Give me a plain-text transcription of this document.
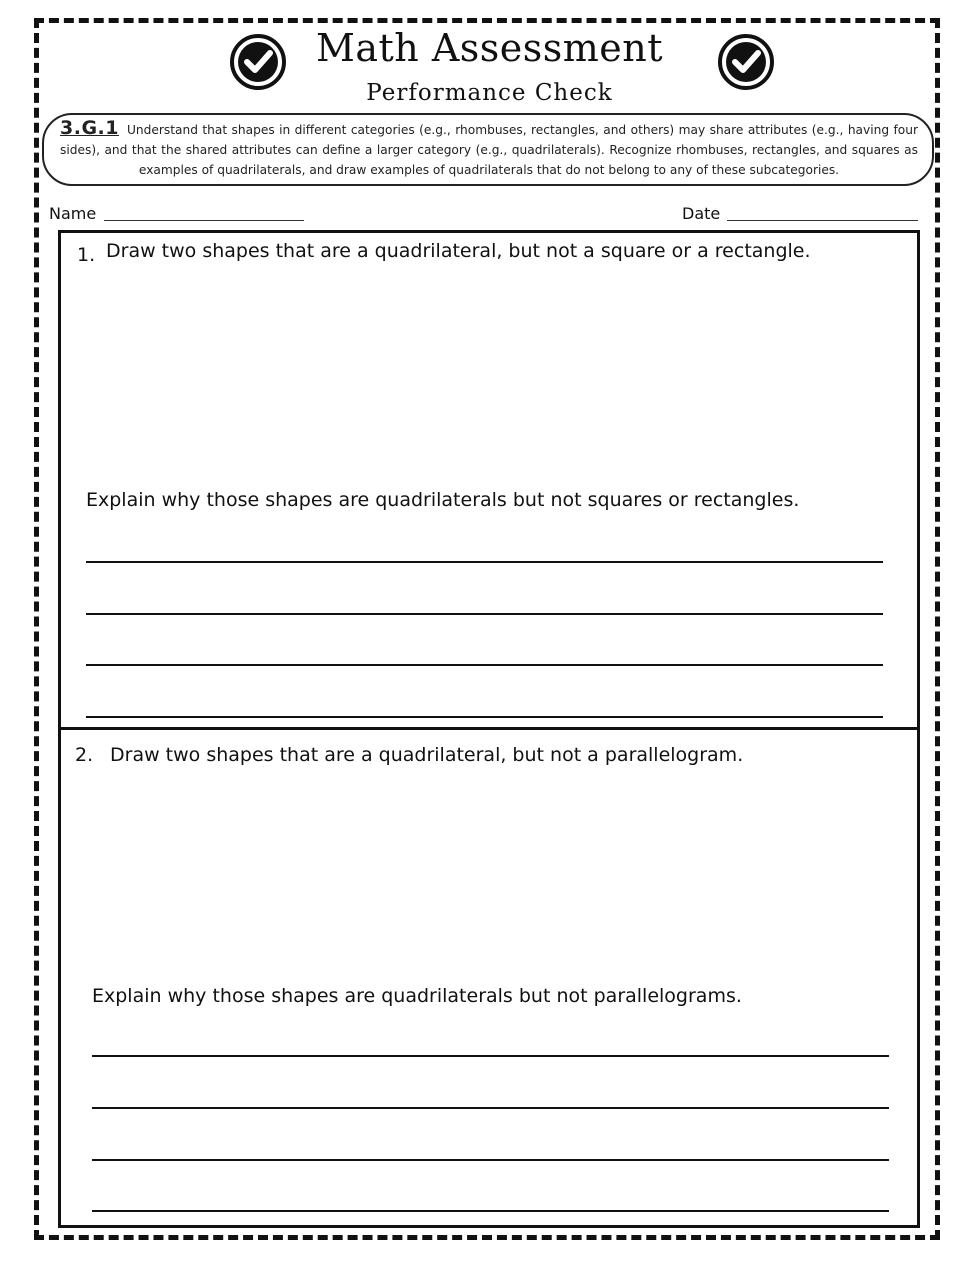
Math Assessment
Performance Check
3.G.1 Understand that shapes in different categories (e.g., rhombuses, rectangles, and others) may share attributes (e.g., having four sides), and that the shared attributes can define a larger category (e.g., quadrilaterals). Recognize rhombuses, rectangles, and squares as examples of quadrilaterals, and draw examples of quadrilaterals that do not belong to any of these subcategories.
Name	Date
1. Draw two shapes that are a quadrilateral, but not a square or a rectangle.
Explain why those shapes are quadrilaterals but not squares or rectangles.
2. Draw two shapes that are a quadrilateral, but not a parallelogram.
Explain why those shapes are quadrilaterals but not parallelograms.
